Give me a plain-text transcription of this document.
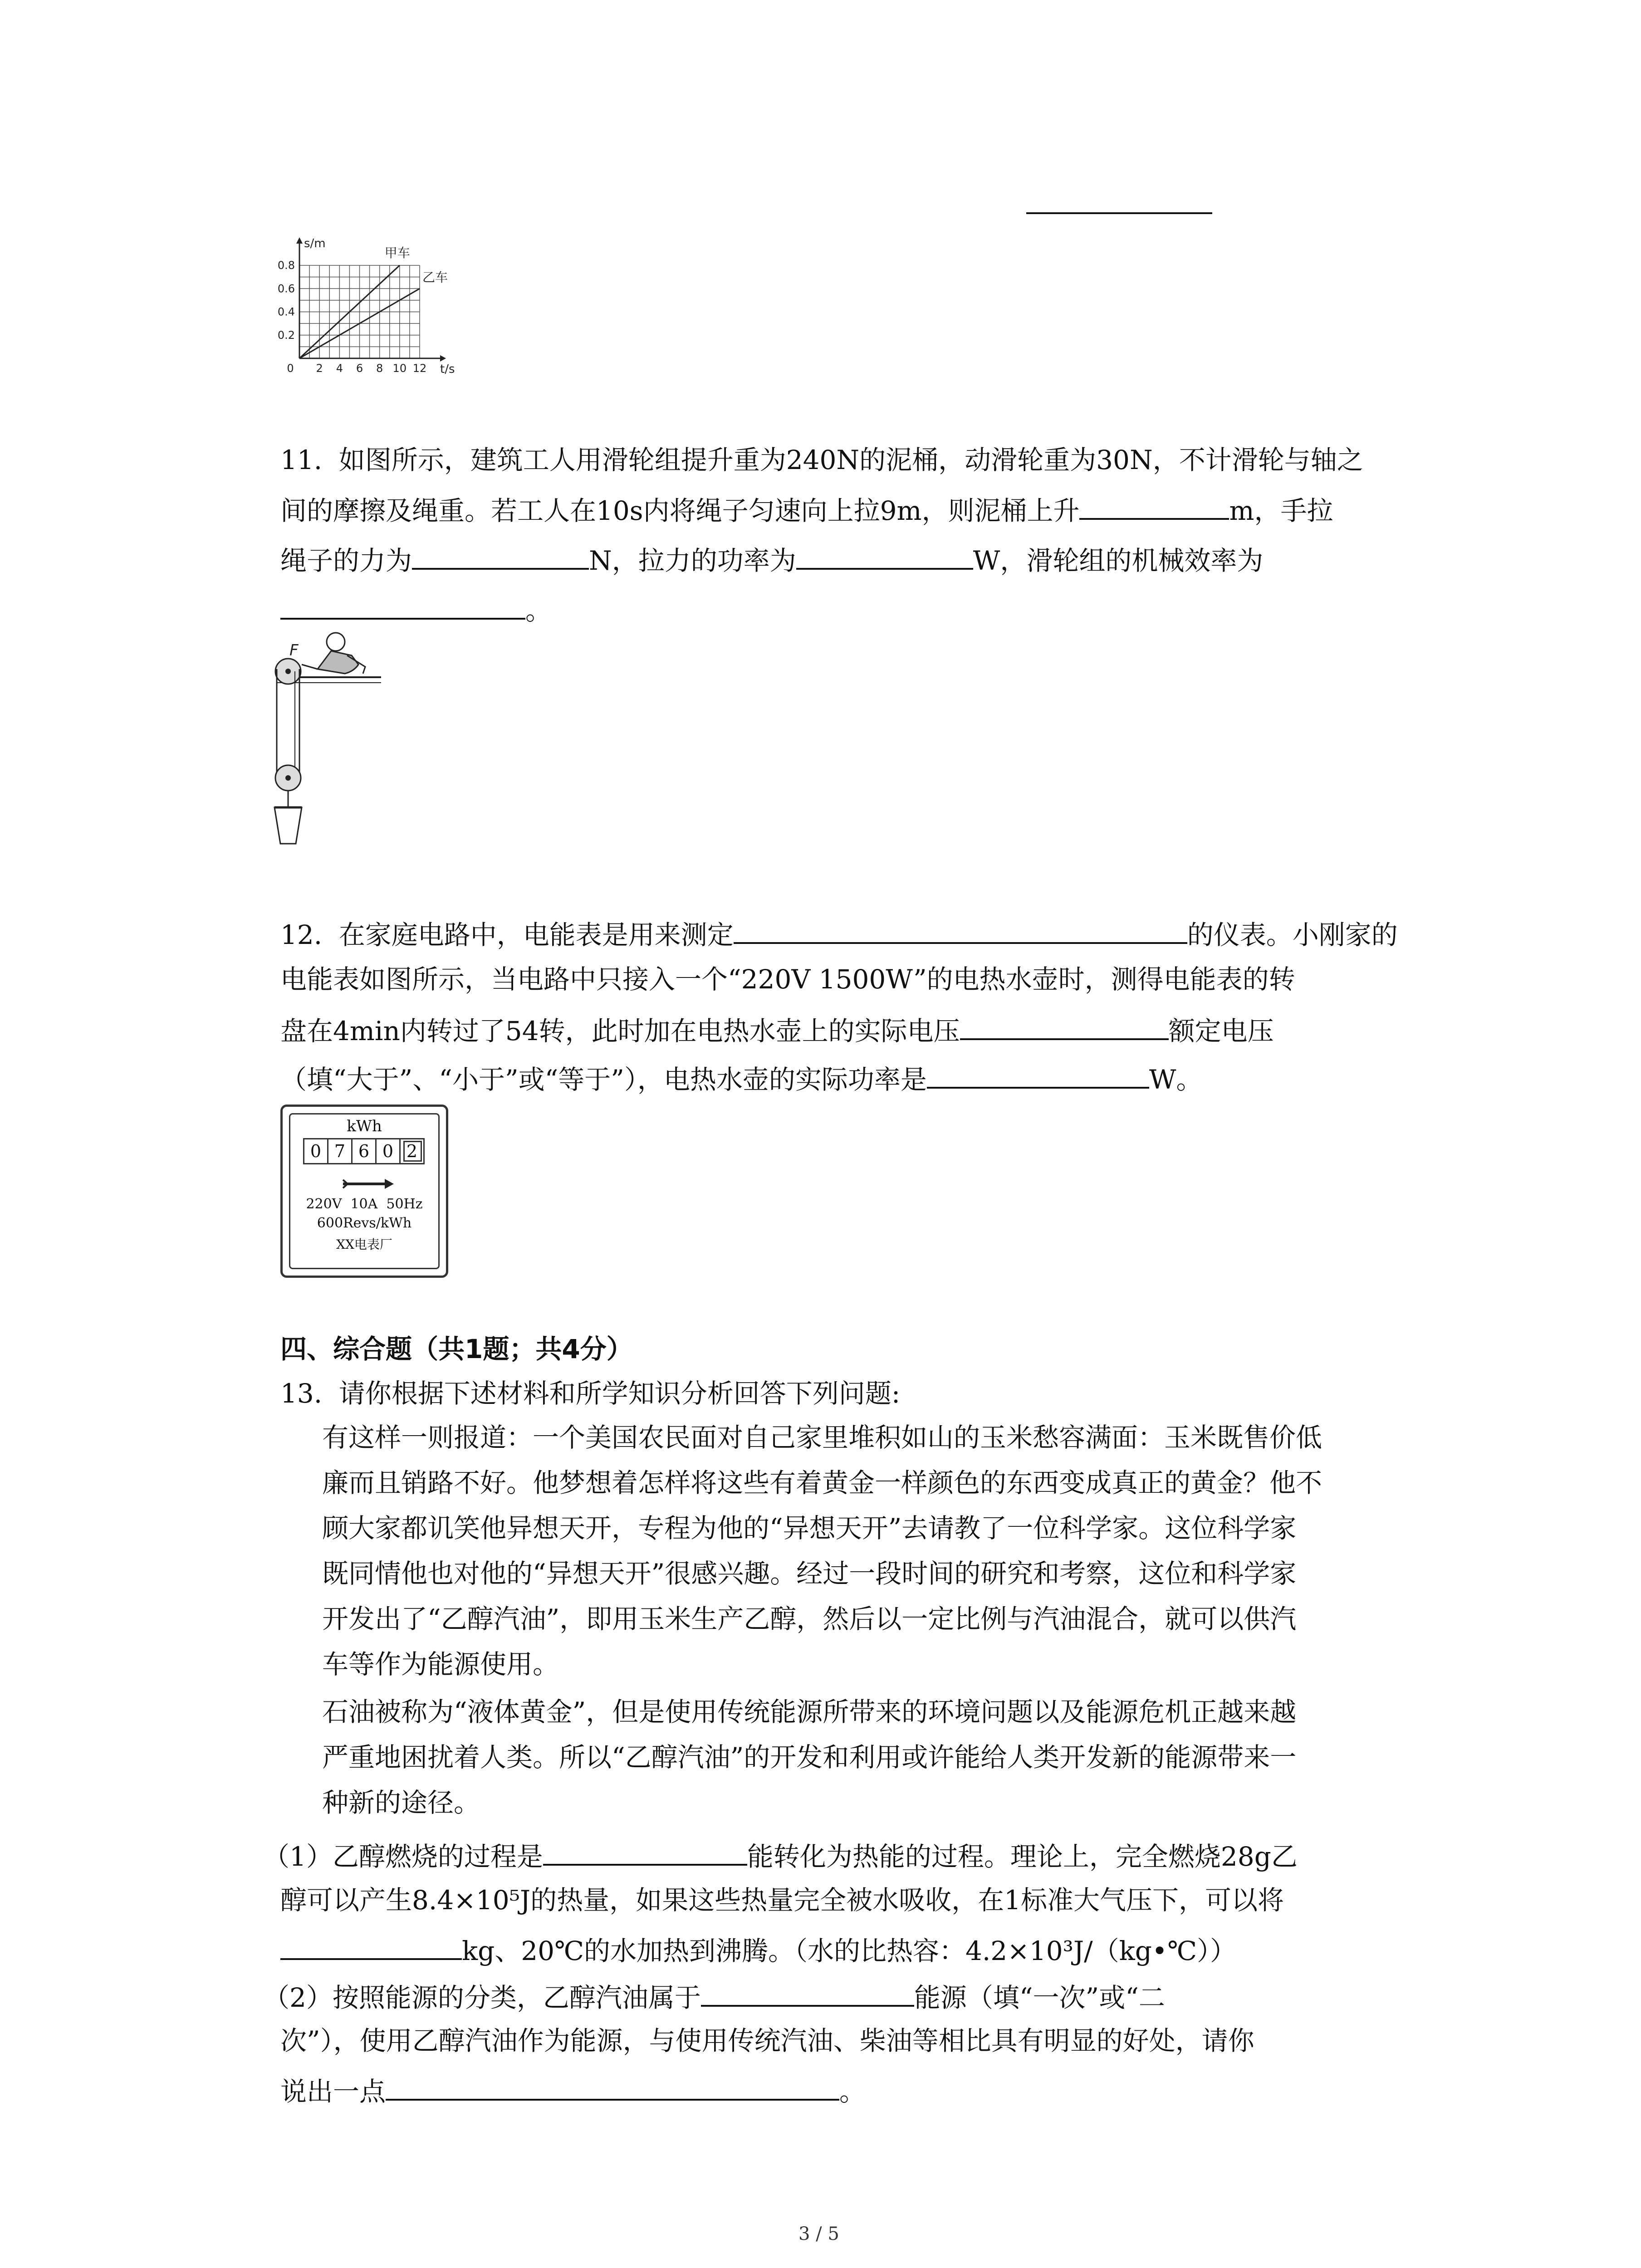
0 2 4 6 8 10 12
0.2
0.4
0.6
0.8
t/s
s/m
甲车
乙车
11. 如图所示，建筑工人用滑轮组提升重为240N的泥桶，动滑轮重为30N，不计滑轮与轴之
间的摩擦及绳重。若工人在10s内将绳子匀速向上拉9m，则泥桶上升	m，手拉
绳子的力为	N，拉力的功率为	W，滑轮组的机械效率为
。
F
12. 在家庭电路中，电能表是用来测定	的仪表。小刚家的
电能表如图所示，当电路中只接入一个“220V 1500W”的电热水壶时，测得电能表的转
盘在4min内转过了54转，此时加在电热水壶上的实际电压	额定电压
（填“大于”、“小于”或“等于”），电热水壶的实际功率是	W。
kWh
0 7 6 0 2
220V  10A  50Hz
600Revs/kWh
XX电表厂
四、综合题（共1题；共4分）
13. 请你根据下述材料和所学知识分析回答下列问题:
有这样一则报道：一个美国农民面对自己家里堆积如山的玉米愁容满面：玉米既售价低
廉而且销路不好。他梦想着怎样将这些有着黄金一样颜色的东西变成真正的黄金？他不
顾大家都讥笑他异想天开，专程为他的“异想天开”去请教了一位科学家。这位科学家
既同情他也对他的“异想天开”很感兴趣。经过一段时间的研究和考察，这位和科学家
开发出了“乙醇汽油”，即用玉米生产乙醇，然后以一定比例与汽油混合，就可以供汽
车等作为能源使用。
石油被称为“液体黄金”，但是使用传统能源所带来的环境问题以及能源危机正越来越
严重地困扰着人类。所以“乙醇汽油”的开发和利用或许能给人类开发新的能源带来一
种新的途径。
（1）乙醇燃烧的过程是	能转化为热能的过程。理论上，完全燃烧28g乙
醇可以产生8.4×10⁵J的热量，如果这些热量完全被水吸收，在1标准大气压下，可以将
kg、20℃的水加热到沸腾。（水的比热容：4.2×10³J/（kg•℃））
（2）按照能源的分类，乙醇汽油属于	能源（填“一次”或“二
次”），使用乙醇汽油作为能源，与使用传统汽油、柴油等相比具有明显的好处，请你
说出一点	。
3 / 5
